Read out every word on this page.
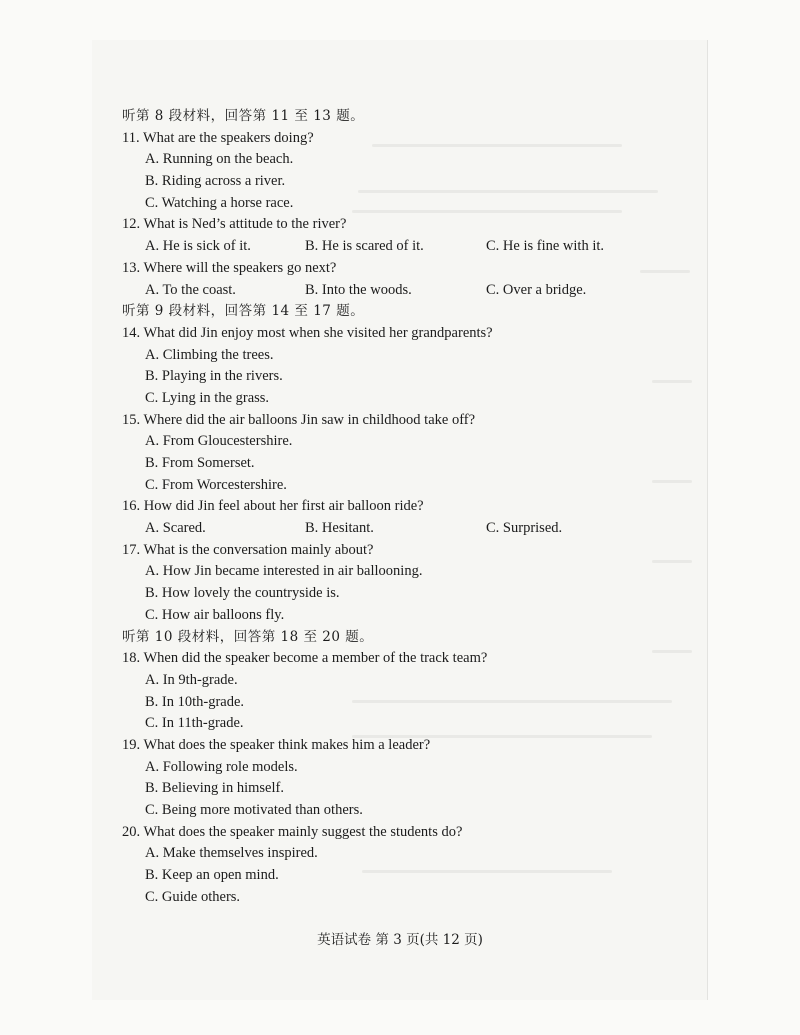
听第 8 段材料，回答第 11 至 13 题。
11. What are the speakers doing?
A. Running on the beach.
B. Riding across a river.
C. Watching a horse race.
12. What is Ned’s attitude to the river?
A. He is sick of it.	B. He is scared of it.	C. He is fine with it.
13. Where will the speakers go next?
A. To the coast.	B. Into the woods.	C. Over a bridge.
听第 9 段材料，回答第 14 至 17 题。
14. What did Jin enjoy most when she visited her grandparents?
A. Climbing the trees.
B. Playing in the rivers.
C. Lying in the grass.
15. Where did the air balloons Jin saw in childhood take off?
A. From Gloucestershire.
B. From Somerset.
C. From Worcestershire.
16. How did Jin feel about her first air balloon ride?
A. Scared.	B. Hesitant.	C. Surprised.
17. What is the conversation mainly about?
A. How Jin became interested in air ballooning.
B. How lovely the countryside is.
C. How air balloons fly.
听第 10 段材料，回答第 18 至 20 题。
18. When did the speaker become a member of the track team?
A. In 9th-grade.
B. In 10th-grade.
C. In 11th-grade.
19. What does the speaker think makes him a leader?
A. Following role models.
B. Believing in himself.
C. Being more motivated than others.
20. What does the speaker mainly suggest the students do?
A. Make themselves inspired.
B. Keep an open mind.
C. Guide others.
英语试卷 第 3 页(共 12 页)
